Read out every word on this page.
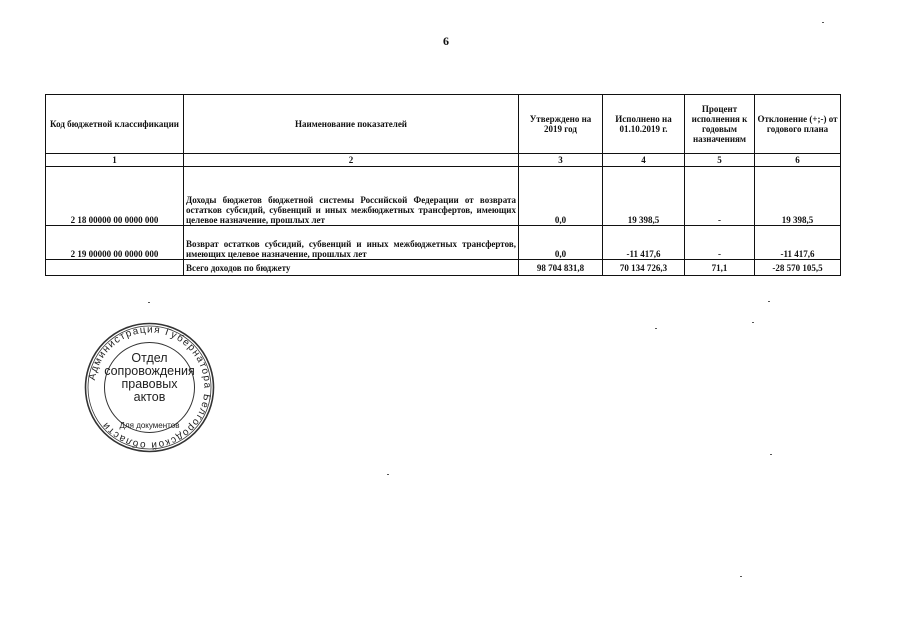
6
Код бюджетной классификации	Наименование показателей	Утверждено на 2019 год	Исполнено на 01.10.2019 г.	Процент исполнения к годовым назначениям	Отклонение (+;-) от годового плана
1	2	3	4	5	6
2 18 00000 00 0000 000	Доходы бюджетов бюджетной системы Российской Федерации от возврата остатков субсидий, субвенций и иных межбюджетных трансфертов, имеющих целевое назначение, прошлых лет	0,0	19 398,5	-	19 398,5
2 19 00000 00 0000 000	Возврат остатков субсидий, субвенций и иных межбюджетных трансфертов, имеющих целевое назначение, прошлых лет	0,0	-11 417,6	-	-11 417,6
	Всего доходов по бюджету	98 704 831,8	70 134 726,3	71,1	-28 570 105,5
Администрация Губернатора Белгородской области Для документов
Отдел
сопровождения
правовых
актов
